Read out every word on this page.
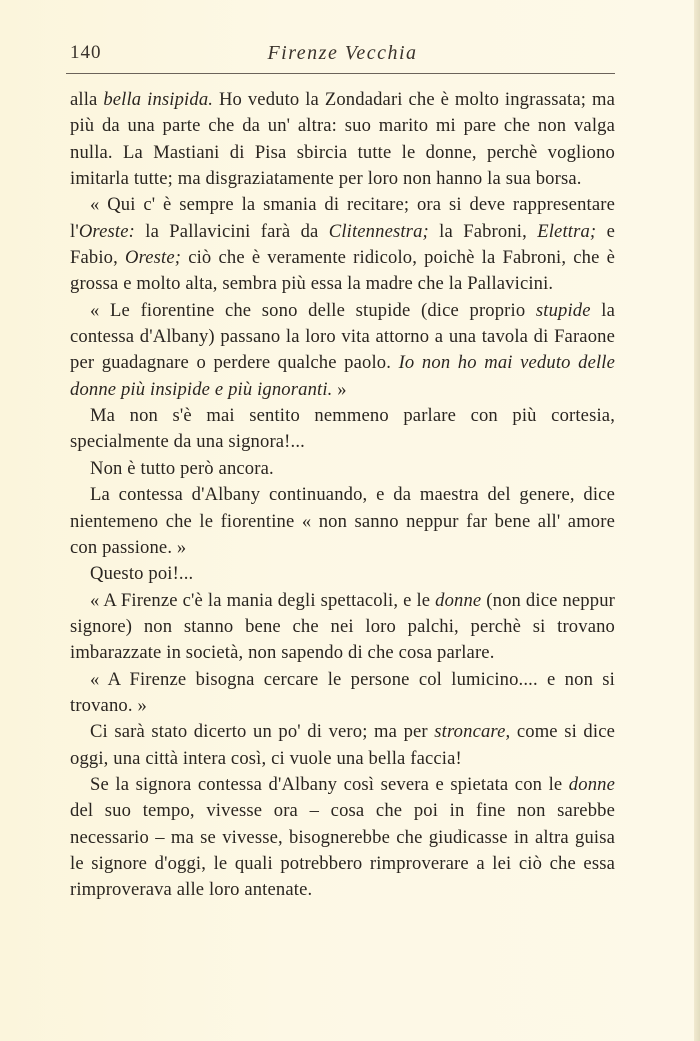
140	Firenze Vecchia

alla bella insipida. Ho veduto la Zondadari che è molto ingrassata; ma più da una parte che da un' altra: suo marito mi pare che non valga nulla. La Mastiani di Pisa sbircia tutte le donne, perchè vogliono imitarla tutte; ma disgraziatamente per loro non hanno la sua borsa.

« Qui c' è sempre la smania di recitare; ora si deve rappresentare l'Oreste: la Pallavicini farà da Clitennestra; la Fabroni, Elettra; e Fabio, Oreste; ciò che è veramente ridicolo, poichè la Fabroni, che è grossa e molto alta, sembra più essa la madre che la Pallavicini.

« Le fiorentine che sono delle stupide (dice proprio stupide la contessa d'Albany) passano la loro vita attorno a una tavola di Faraone per guadagnare o perdere qualche paolo. Io non ho mai veduto delle donne più insipide e più ignoranti. »

Ma non s'è mai sentito nemmeno parlare con più cortesia, specialmente da una signora!...

Non è tutto però ancora.

La contessa d'Albany continuando, e da maestra del genere, dice nientemeno che le fiorentine « non sanno neppur far bene all' amore con passione. »

Questo poi!...

« A Firenze c'è la mania degli spettacoli, e le donne (non dice neppur signore) non stanno bene che nei loro palchi, perchè si trovano imbarazzate in società, non sapendo di che cosa parlare.

« A Firenze bisogna cercare le persone col lumicino.... e non si trovano. »

Ci sarà stato dicerto un po' di vero; ma per stroncare, come si dice oggi, una città intera così, ci vuole una bella faccia!

Se la signora contessa d'Albany così severa e spietata con le donne del suo tempo, vivesse ora – cosa che poi in fine non sarebbe necessario – ma se vivesse, bisognerebbe che giudicasse in altra guisa le signore d'oggi, le quali potrebbero rimproverare a lei ciò che essa rimproverava alle loro antenate.
